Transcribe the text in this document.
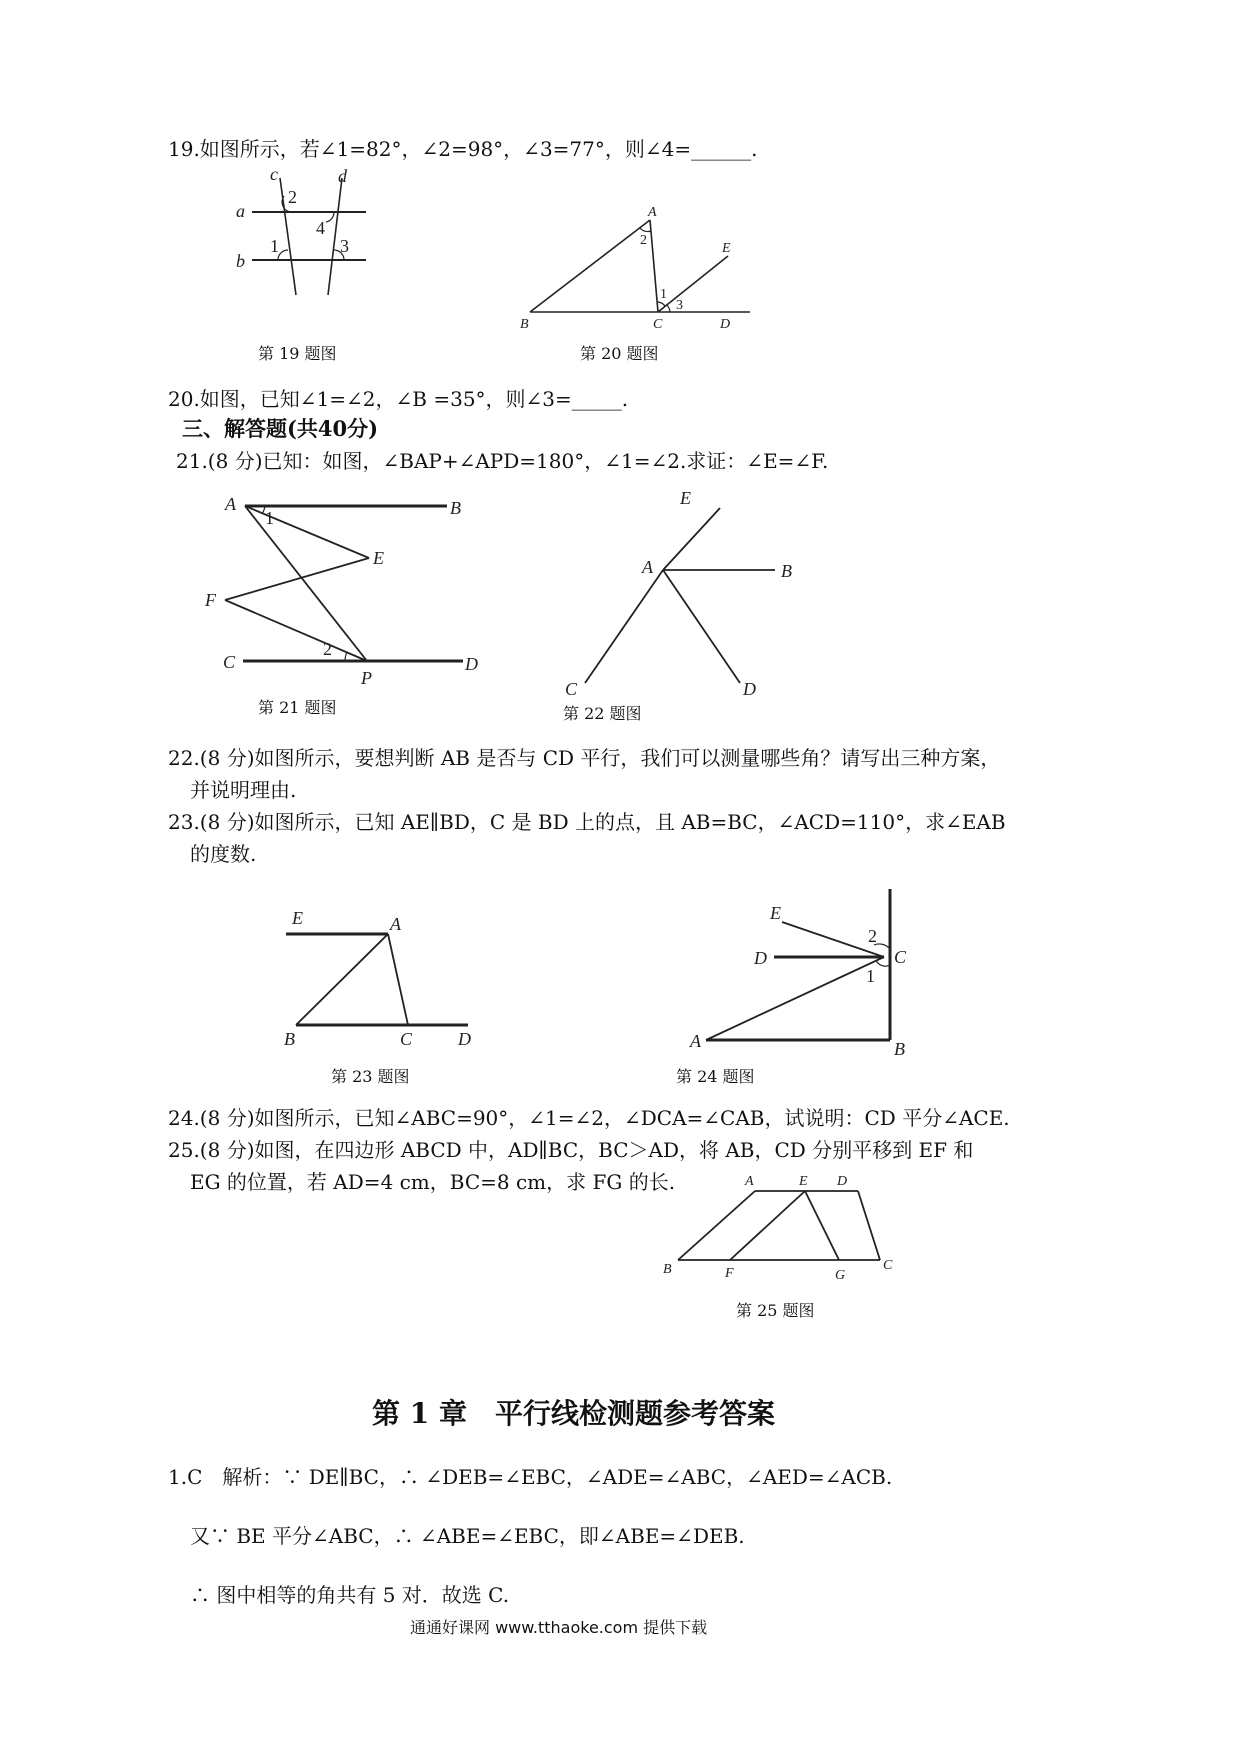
19.如图所示，若∠1=82°，∠2=98°，∠3=77°，则∠4=______.
c	d
a
b
2
1
4
3
第 19 题图
A
B	C	D
E
2
1
3
第 20 题图
20.如图，已知∠1=∠2，∠B =35°，则∠3=_____.
三、解答题(共40分)
21.(8 分)已知：如图，∠BAP+∠APD=180°，∠1=∠2.求证：∠E=∠F.
A	B
E
F
C	D
P
1
2
第 21 题图
E
A	B
C	D
第 22 题图
22.(8 分)如图所示，要想判断 AB 是否与 CD 平行，我们可以测量哪些角？请写出三种方案，
并说明理由.
23.(8 分)如图所示，已知 AE∥BD，C 是 BD 上的点，且 AB=BC，∠ACD=110°，求∠EAB
的度数.
E	A
B	C	D
第 23 题图
E
D	C
2
1
A	B
第 24 题图
24.(8 分)如图所示，已知∠ABC=90°，∠1=∠2，∠DCA=∠CAB，试说明：CD 平分∠ACE.
25.(8 分)如图，在四边形 ABCD 中，AD∥BC，BC＞AD，将 AB，CD 分别平移到 EF 和
EG 的位置，若 AD=4 cm，BC=8 cm，求 FG 的长.	A	E D
B	F	G
C
第 25 题图
第 1 章　平行线检测题参考答案
1.C　解析：∵ DE∥BC，∴ ∠DEB=∠EBC，∠ADE=∠ABC，∠AED=∠ACB.
又∵ BE 平分∠ABC，∴ ∠ABE=∠EBC，即∠ABE=∠DEB.
∴ 图中相等的角共有 5 对．故选 C.
通通好课网 www.tthaoke.com 提供下载
